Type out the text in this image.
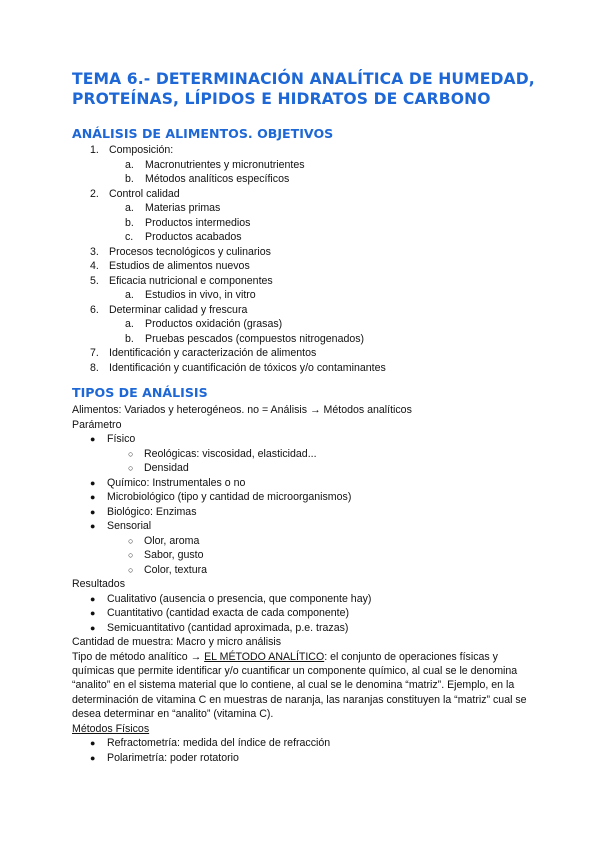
TEMA 6.- DETERMINACIÓN ANALÍTICA DE HUMEDAD,
PROTEÍNAS, LÍPIDOS E HIDRATOS DE CARBONO
ANÁLISIS DE ALIMENTOS. OBJETIVOS
1. Composición:
a. Macronutrientes y micronutrientes
b. Métodos analíticos específicos
2. Control calidad
a. Materias primas
b. Productos intermedios
c. Productos acabados
3. Procesos tecnológicos y culinarios
4. Estudios de alimentos nuevos
5. Eficacia nutricional e componentes
a. Estudios in vivo, in vitro
6. Determinar calidad y frescura
a. Productos oxidación (grasas)
b. Pruebas pescados (compuestos nitrogenados)
7. Identificación y caracterización de alimentos
8. Identificación y cuantificación de tóxicos y/o contaminantes
TIPOS DE ANÁLISIS
Alimentos: Variados y heterogéneos. no = Análisis → Métodos analíticos
Parámetro
● Físico
○ Reológicas: viscosidad, elasticidad...
○ Densidad
● Químico: Instrumentales o no
● Microbiológico (tipo y cantidad de microorganismos)
● Biológico: Enzimas
● Sensorial
○ Olor, aroma
○ Sabor, gusto
○ Color, textura
Resultados
● Cualitativo (ausencia o presencia, que componente hay)
● Cuantitativo (cantidad exacta de cada componente)
● Semicuantitativo (cantidad aproximada, p.e. trazas)
Cantidad de muestra: Macro y micro análisis
Tipo de método analítico → EL MÉTODO ANALÍTICO: el conjunto de operaciones físicas y químicas que permite identificar y/o cuantificar un componente químico, al cual se le denomina “analito” en el sistema material que lo contiene, al cual se le denomina “matriz”. Ejemplo, en la determinación de vitamina C en muestras de naranja, las naranjas constituyen la “matriz” cual se desea determinar en “analito” (vitamina C).
Métodos Físicos
● Refractometría: medida del índice de refracción
● Polarimetría: poder rotatorio
